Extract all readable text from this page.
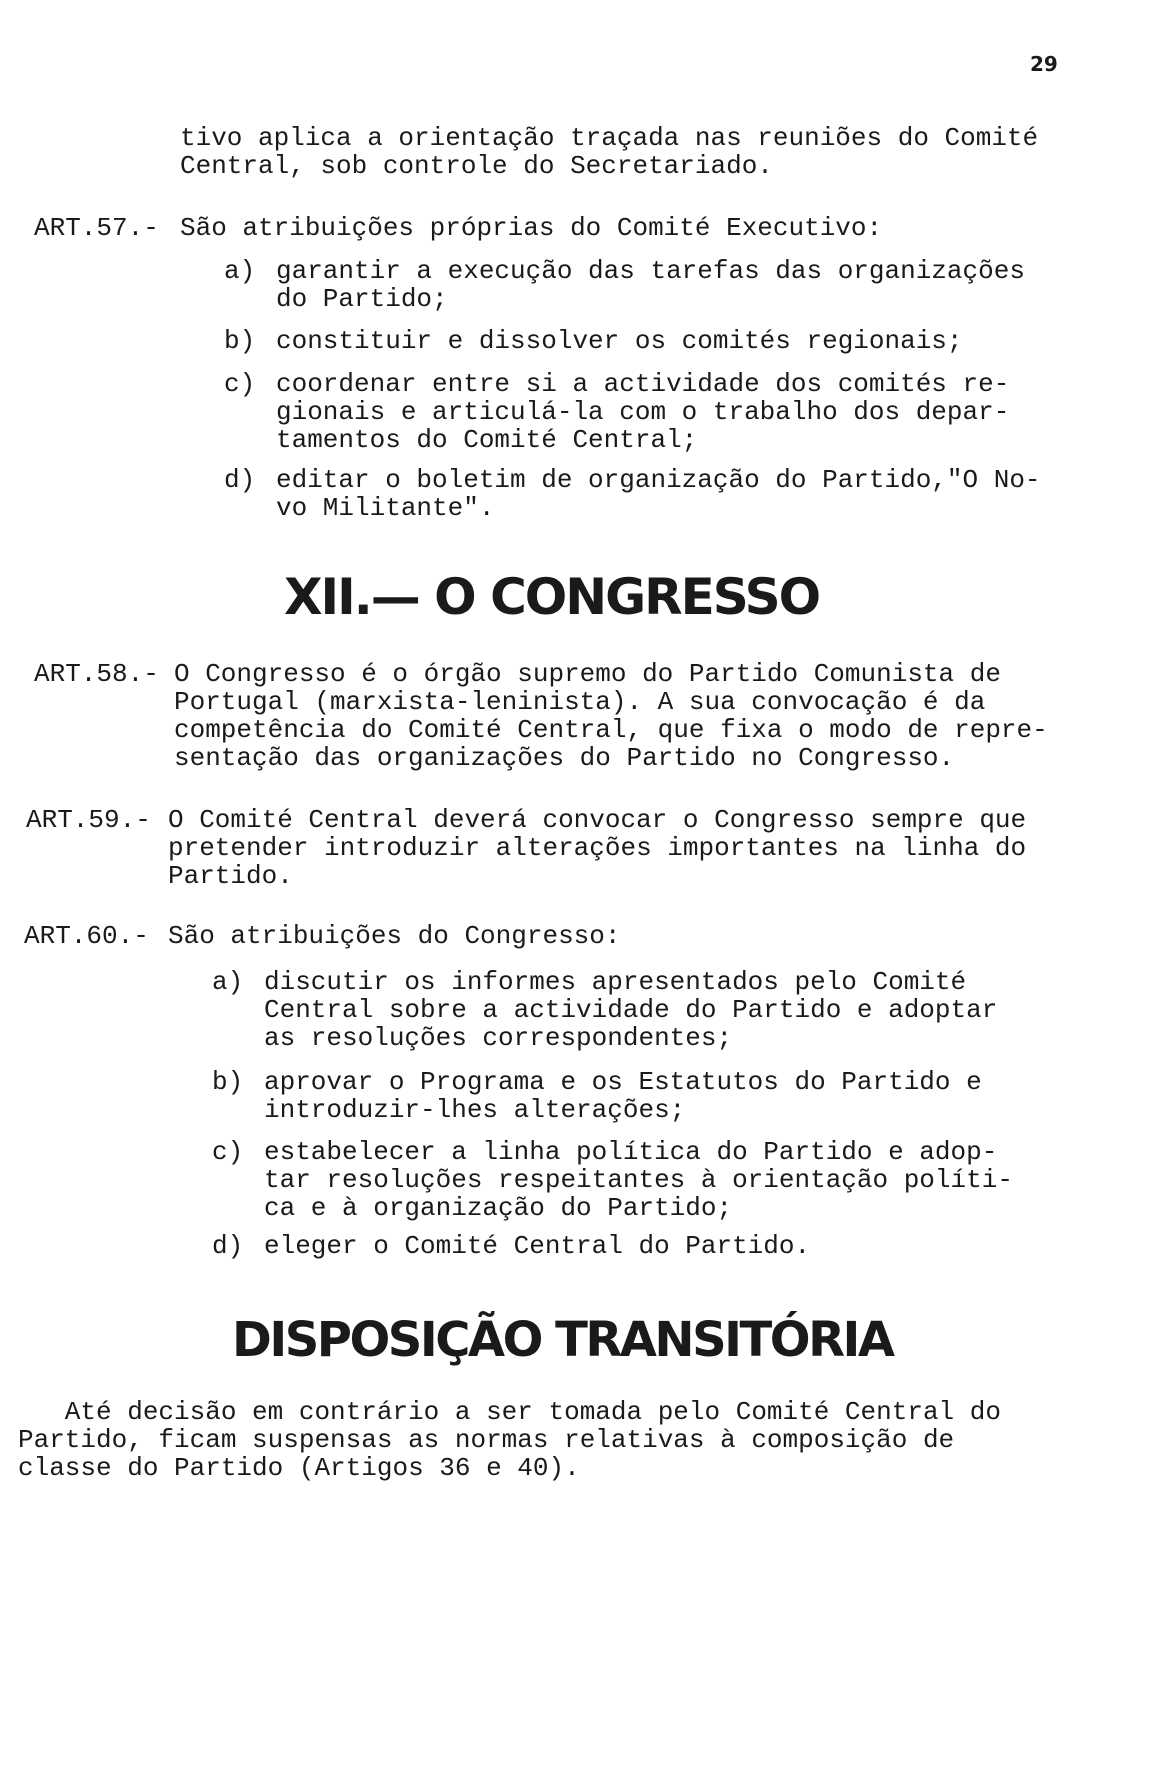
29
tivo aplica a orientação traçada nas reuniões do Comité
Central, sob controle do Secretariado.
ART.57.- São atribuições próprias do Comité Executivo:
a) garantir a execução das tarefas das organizações
do Partido;
b) constituir e dissolver os comités regionais;
c) coordenar entre si a actividade dos comités re-
gionais e articulá-la com o trabalho dos depar-
tamentos do Comité Central;
d) editar o boletim de organização do Partido,"O No-
vo Militante".
XII.— O CONGRESSO
ART.58.- O Congresso é o órgão supremo do Partido Comunista de
Portugal (marxista-leninista). A sua convocação é da
competência do Comité Central, que fixa o modo de repre-
sentação das organizações do Partido no Congresso.
ART.59.- O Comité Central deverá convocar o Congresso sempre que
pretender introduzir alterações importantes na linha do
Partido.
ART.60.- São atribuições do Congresso:
a) discutir os informes apresentados pelo Comité
Central sobre a actividade do Partido e adoptar
as resoluções correspondentes;
b) aprovar o Programa e os Estatutos do Partido e
introduzir-lhes alterações;
c) estabelecer a linha política do Partido e adop-
tar resoluções respeitantes à orientação políti-
ca e à organização do Partido;
d) eleger o Comité Central do Partido.
DISPOSIÇÃO TRANSITÓRIA
Até decisão em contrário a ser tomada pelo Comité Central do
Partido, ficam suspensas as normas relativas à composição de
classe do Partido (Artigos 36 e 40).
